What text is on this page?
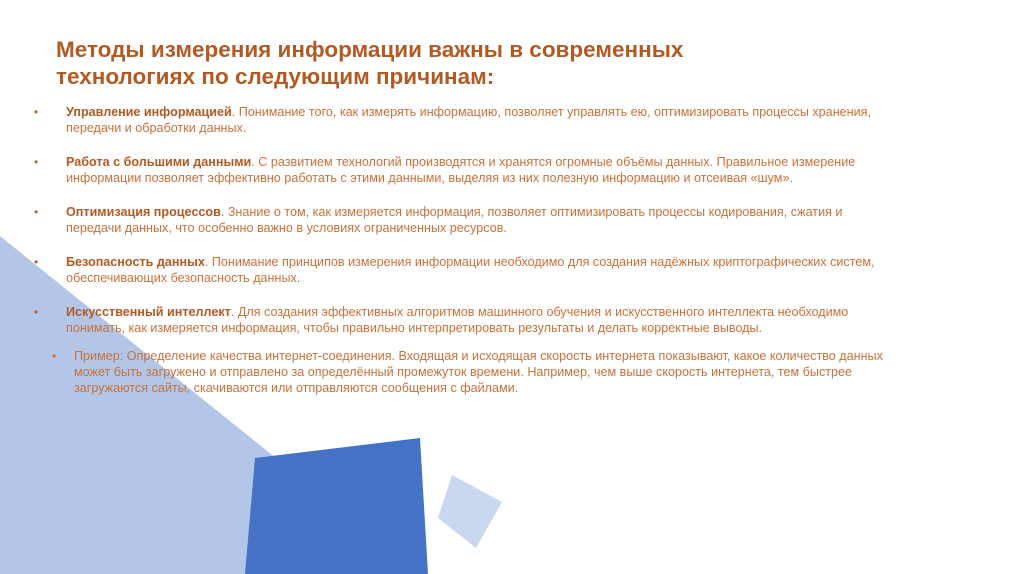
Методы измерения информации важны в современных
технологиях по следующим причинам:
• Управление информацией. Понимание того, как измерять информацию, позволяет управлять ею, оптимизировать процессы хранения, передачи и обработки данных.
• Работа с большими данными. С развитием технологий производятся и хранятся огромные объёмы данных. Правильное измерение информации позволяет эффективно работать с этими данными, выделяя из них полезную информацию и отсеивая «шум».
• Оптимизация процессов. Знание о том, как измеряется информация, позволяет оптимизировать процессы кодирования, сжатия и передачи данных, что особенно важно в условиях ограниченных ресурсов.
• Безопасность данных. Понимание принципов измерения информации необходимо для создания надёжных криптографических систем, обеспечивающих безопасность данных.
• Искусственный интеллект. Для создания эффективных алгоритмов машинного обучения и искусственного интеллекта необходимо понимать, как измеряется информация, чтобы правильно интерпретировать результаты и делать корректные выводы.
• Пример: Определение качества интернет-соединения. Входящая и исходящая скорость интернета показывают, какое количество данных может быть загружено и отправлено за определённый промежуток времени. Например, чем выше скорость интернета, тем быстрее загружаются сайты, скачиваются или отправляются сообщения с файлами.
